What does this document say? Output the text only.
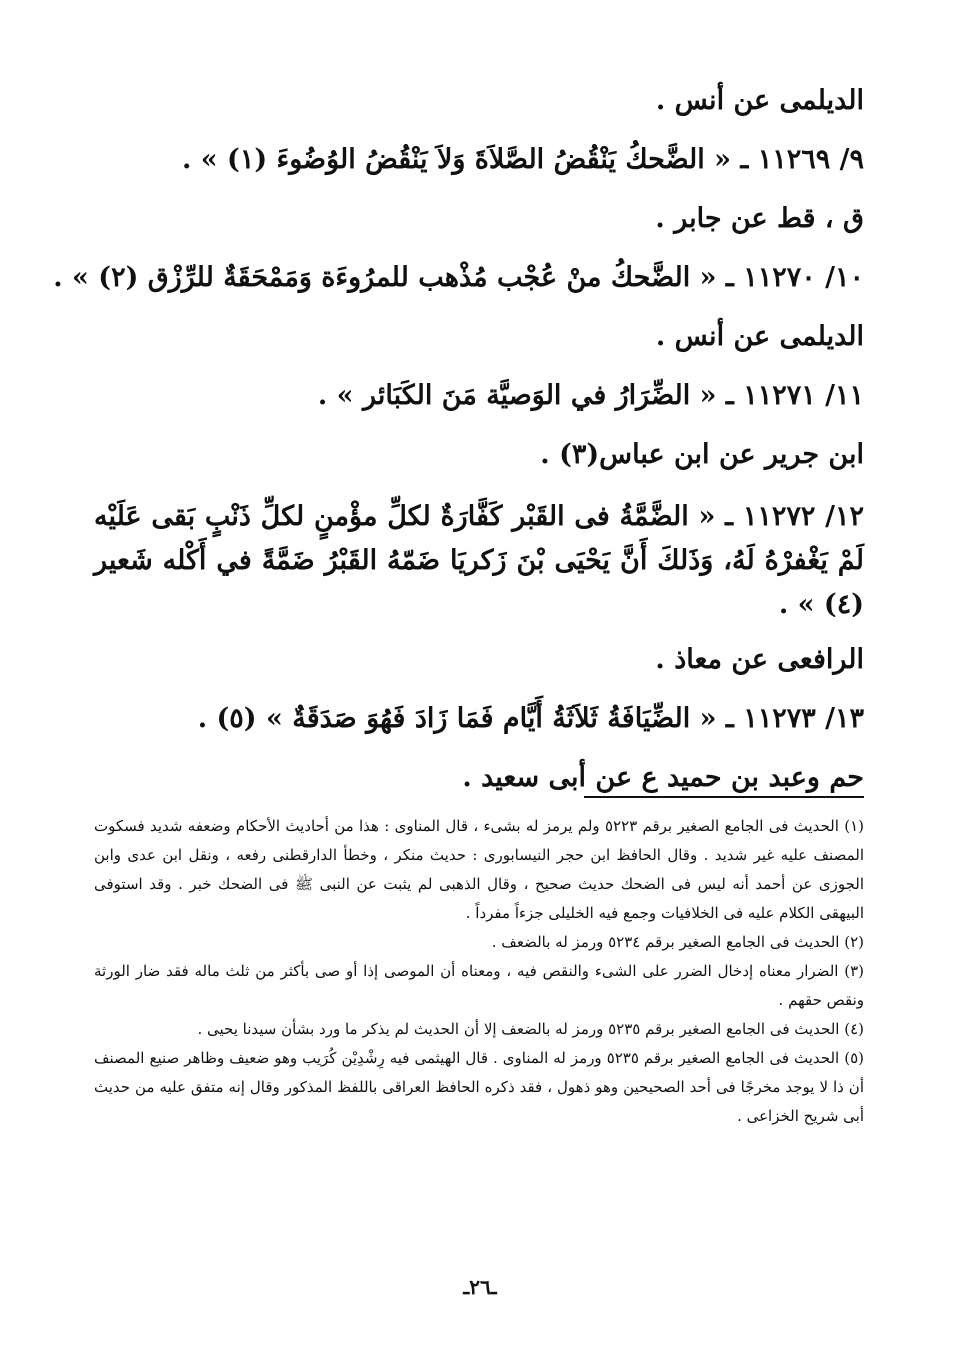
الديلمى عن أنس .
٩/ ١١٢٦٩ ـ « الضَّحكُ يَنْقُضُ الصَّلاَةَ وَلاَ يَنْقُضُ الوُضُوءَ (١) » .
ق ، قط عن جابر .
١٠/ ١١٢٧٠ ـ « الضَّحكُ منْ عُجْب مُذْهب للمرُوءَة وَمَمْحَقَةٌ للرِّزْق (٢) » .
الديلمى عن أنس .
١١/ ١١٢٧١ ـ « الضِّرَارُ في الوَصيَّة مَنَ الكَبَائر » .
ابن جرير عن ابن عباس(٣) .
١٢/ ١١٢٧٢ ـ « الضَّمَّةُ فى القَبْر كَفَّارَةٌ لكلِّ مؤْمنٍ لكلِّ ذَنْبٍ بَقى عَلَيْه لَمْ يَغْفرْهُ لَهُ، وَذَلكَ أَنَّ يَحْيَى بْنَ زَكريَا ضَمّهُ القَبْرُ ضَمَّةً في أَكْله شَعير (٤) » .
الرافعى عن معاذ .
١٣/ ١١٢٧٣ ـ « الضِّيَافَةُ ثَلاَثَةُ أَيَّام فَمَا زَادَ فَهُوَ صَدَقَةٌ » (٥) .
حم وعبد بن حميد ع عن أبى سعيد .

(١) الحديث فى الجامع الصغير برقم ٥٢٢٣ ولم يرمز له بشىء ، قال المناوى : هذا من أحاديث الأحكام وضعفه شديد فسكوت المصنف عليه غير شديد . وقال الحافظ ابن حجر النيسابورى : حديث منكر ، وخطأ الدارقطنى رفعه ، ونقل ابن عدى وابن الجوزى عن أحمد أنه ليس فى الضحك حديث صحيح ، وقال الذهبى لم يثبت عن النبى ﷺ فى الضحك خبر . وقد استوفى البيهقى الكلام عليه فى الخلافيات وجمع فيه الخليلى جزءاً مفرداً .

(٢) الحديث فى الجامع الصغير برقم ٥٢٣٤ ورمز له بالضعف .

(٣) الضرار معناه إدخال الضرر على الشىء والنقص فيه ، ومعناه أن الموصى إذا أو صى بأكثر من ثلث ماله فقد ضار الورثة ونقص حقهم .

(٤) الحديث فى الجامع الصغير برقم ٥٢٣٥ ورمز له بالضعف إلا أن الحديث لم يذكر ما ورد بشأن سيدنا يحيى .

(٥) الحديث فى الجامع الصغير برقم ٥٢٣٥ ورمز له المناوى . قال الهيثمى فيه رِشْدِيْن كُرَيب وهو ضعيف وظاهر صنيع المصنف أن ذا لا يوجد مخرجًا فى أحد الصحيحين وهو ذهول ، فقد ذكره الحافظ العراقى باللفظ المذكور وقال إنه متفق عليه من حديث أبى شريح الخزاعى .

ـ٢٦ـ
